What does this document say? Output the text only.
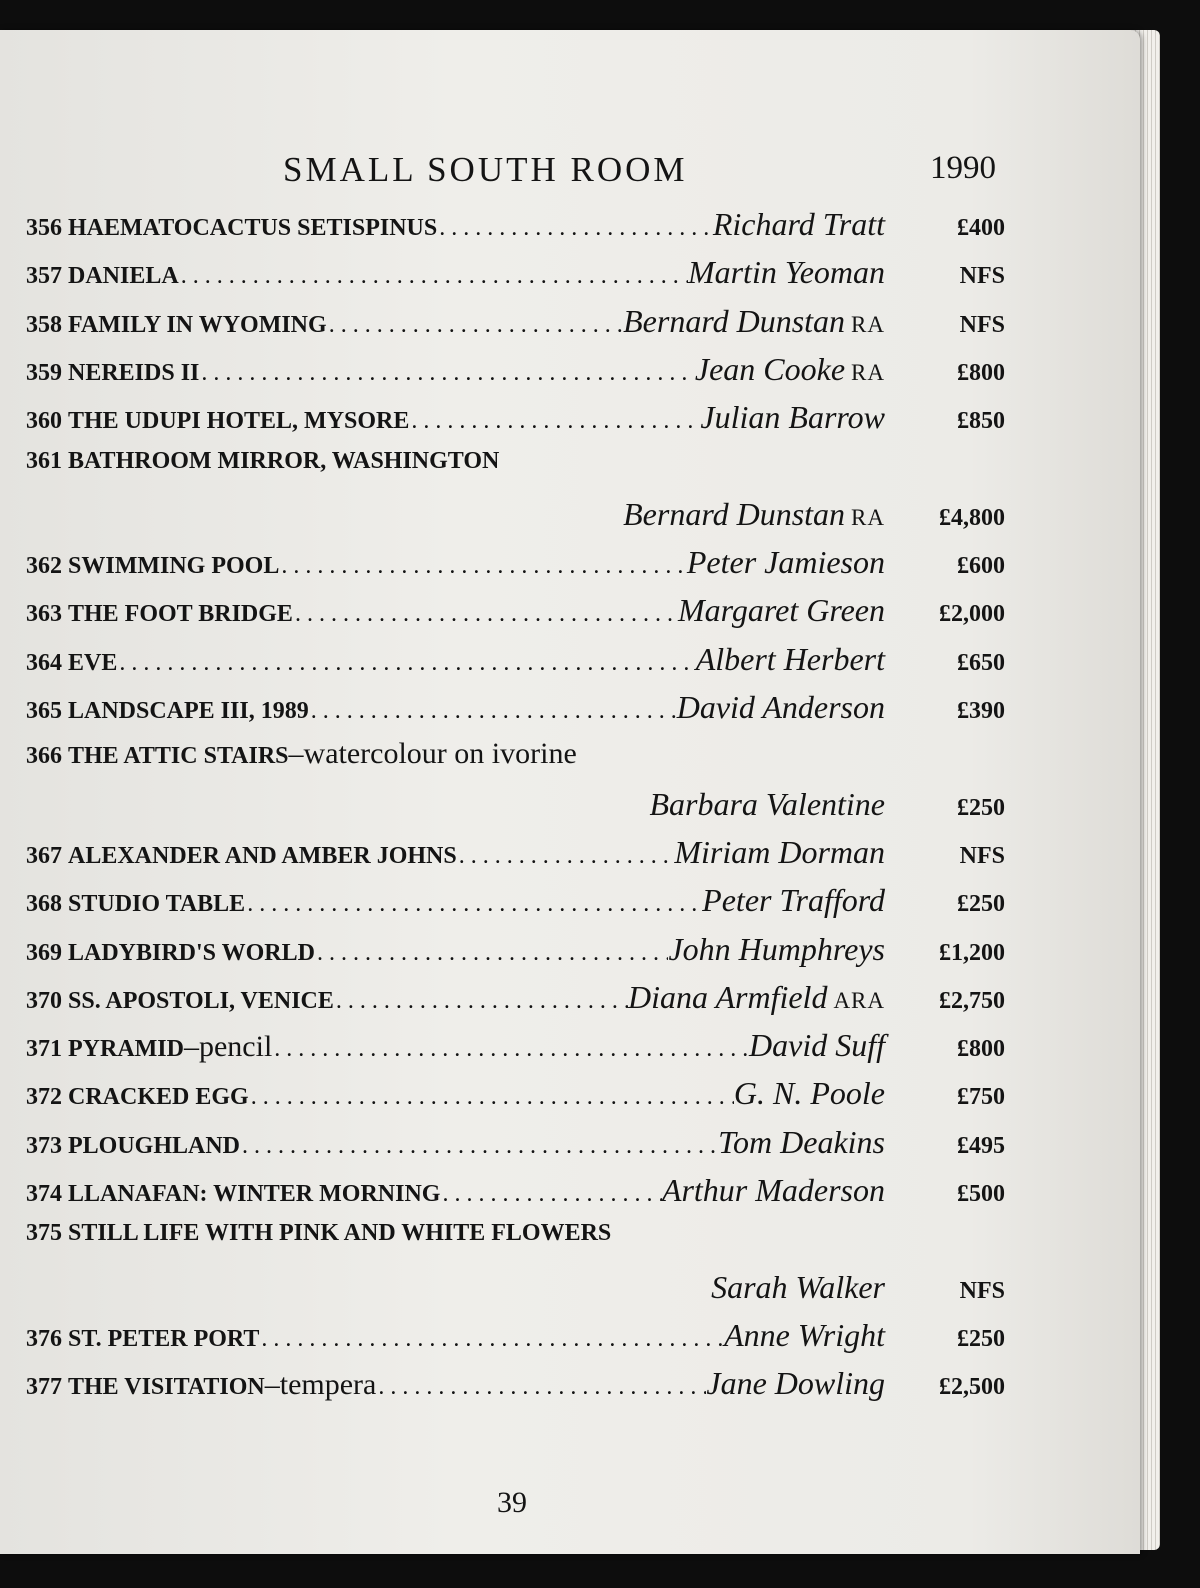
SMALL SOUTH ROOM	1990
356 HAEMATOCACTUS SETISPINUS . . .	Richard Tratt	£400
357 DANIELA . . .	Martin Yeoman	NFS
358 FAMILY IN WYOMING . . .	Bernard Dunstan RA	NFS
359 NEREIDS II . . .	Jean Cooke RA	£800
360 THE UDUPI HOTEL, MYSORE . . .	Julian Barrow	£850
361 BATHROOM MIRROR, WASHINGTON
Bernard Dunstan RA	£4,800
362 SWIMMING POOL . . .	Peter Jamieson	£600
363 THE FOOT BRIDGE . . .	Margaret Green	£2,000
364 EVE . . .	Albert Herbert	£650
365 LANDSCAPE III, 1989 . . .	David Anderson	£390
366 THE ATTIC STAIRS –watercolour on ivorine
Barbara Valentine	£250
367 ALEXANDER AND AMBER JOHNS . . .	Miriam Dorman	NFS
368 STUDIO TABLE . . .	Peter Trafford	£250
369 LADYBIRD'S WORLD . . .	John Humphreys	£1,200
370 SS. APOSTOLI, VENICE . . .	Diana Armfield ARA	£2,750
371 PYRAMID –pencil . . .	David Suff	£800
372 CRACKED EGG . . .	G. N. Poole	£750
373 PLOUGHLAND . . .	Tom Deakins	£495
374 LLANAFAN: WINTER MORNING . . .	Arthur Maderson	£500
375 STILL LIFE WITH PINK AND WHITE FLOWERS
Sarah Walker	NFS
376 ST. PETER PORT . . .	Anne Wright	£250
377 THE VISITATION –tempera . . .	Jane Dowling	£2,500
39
